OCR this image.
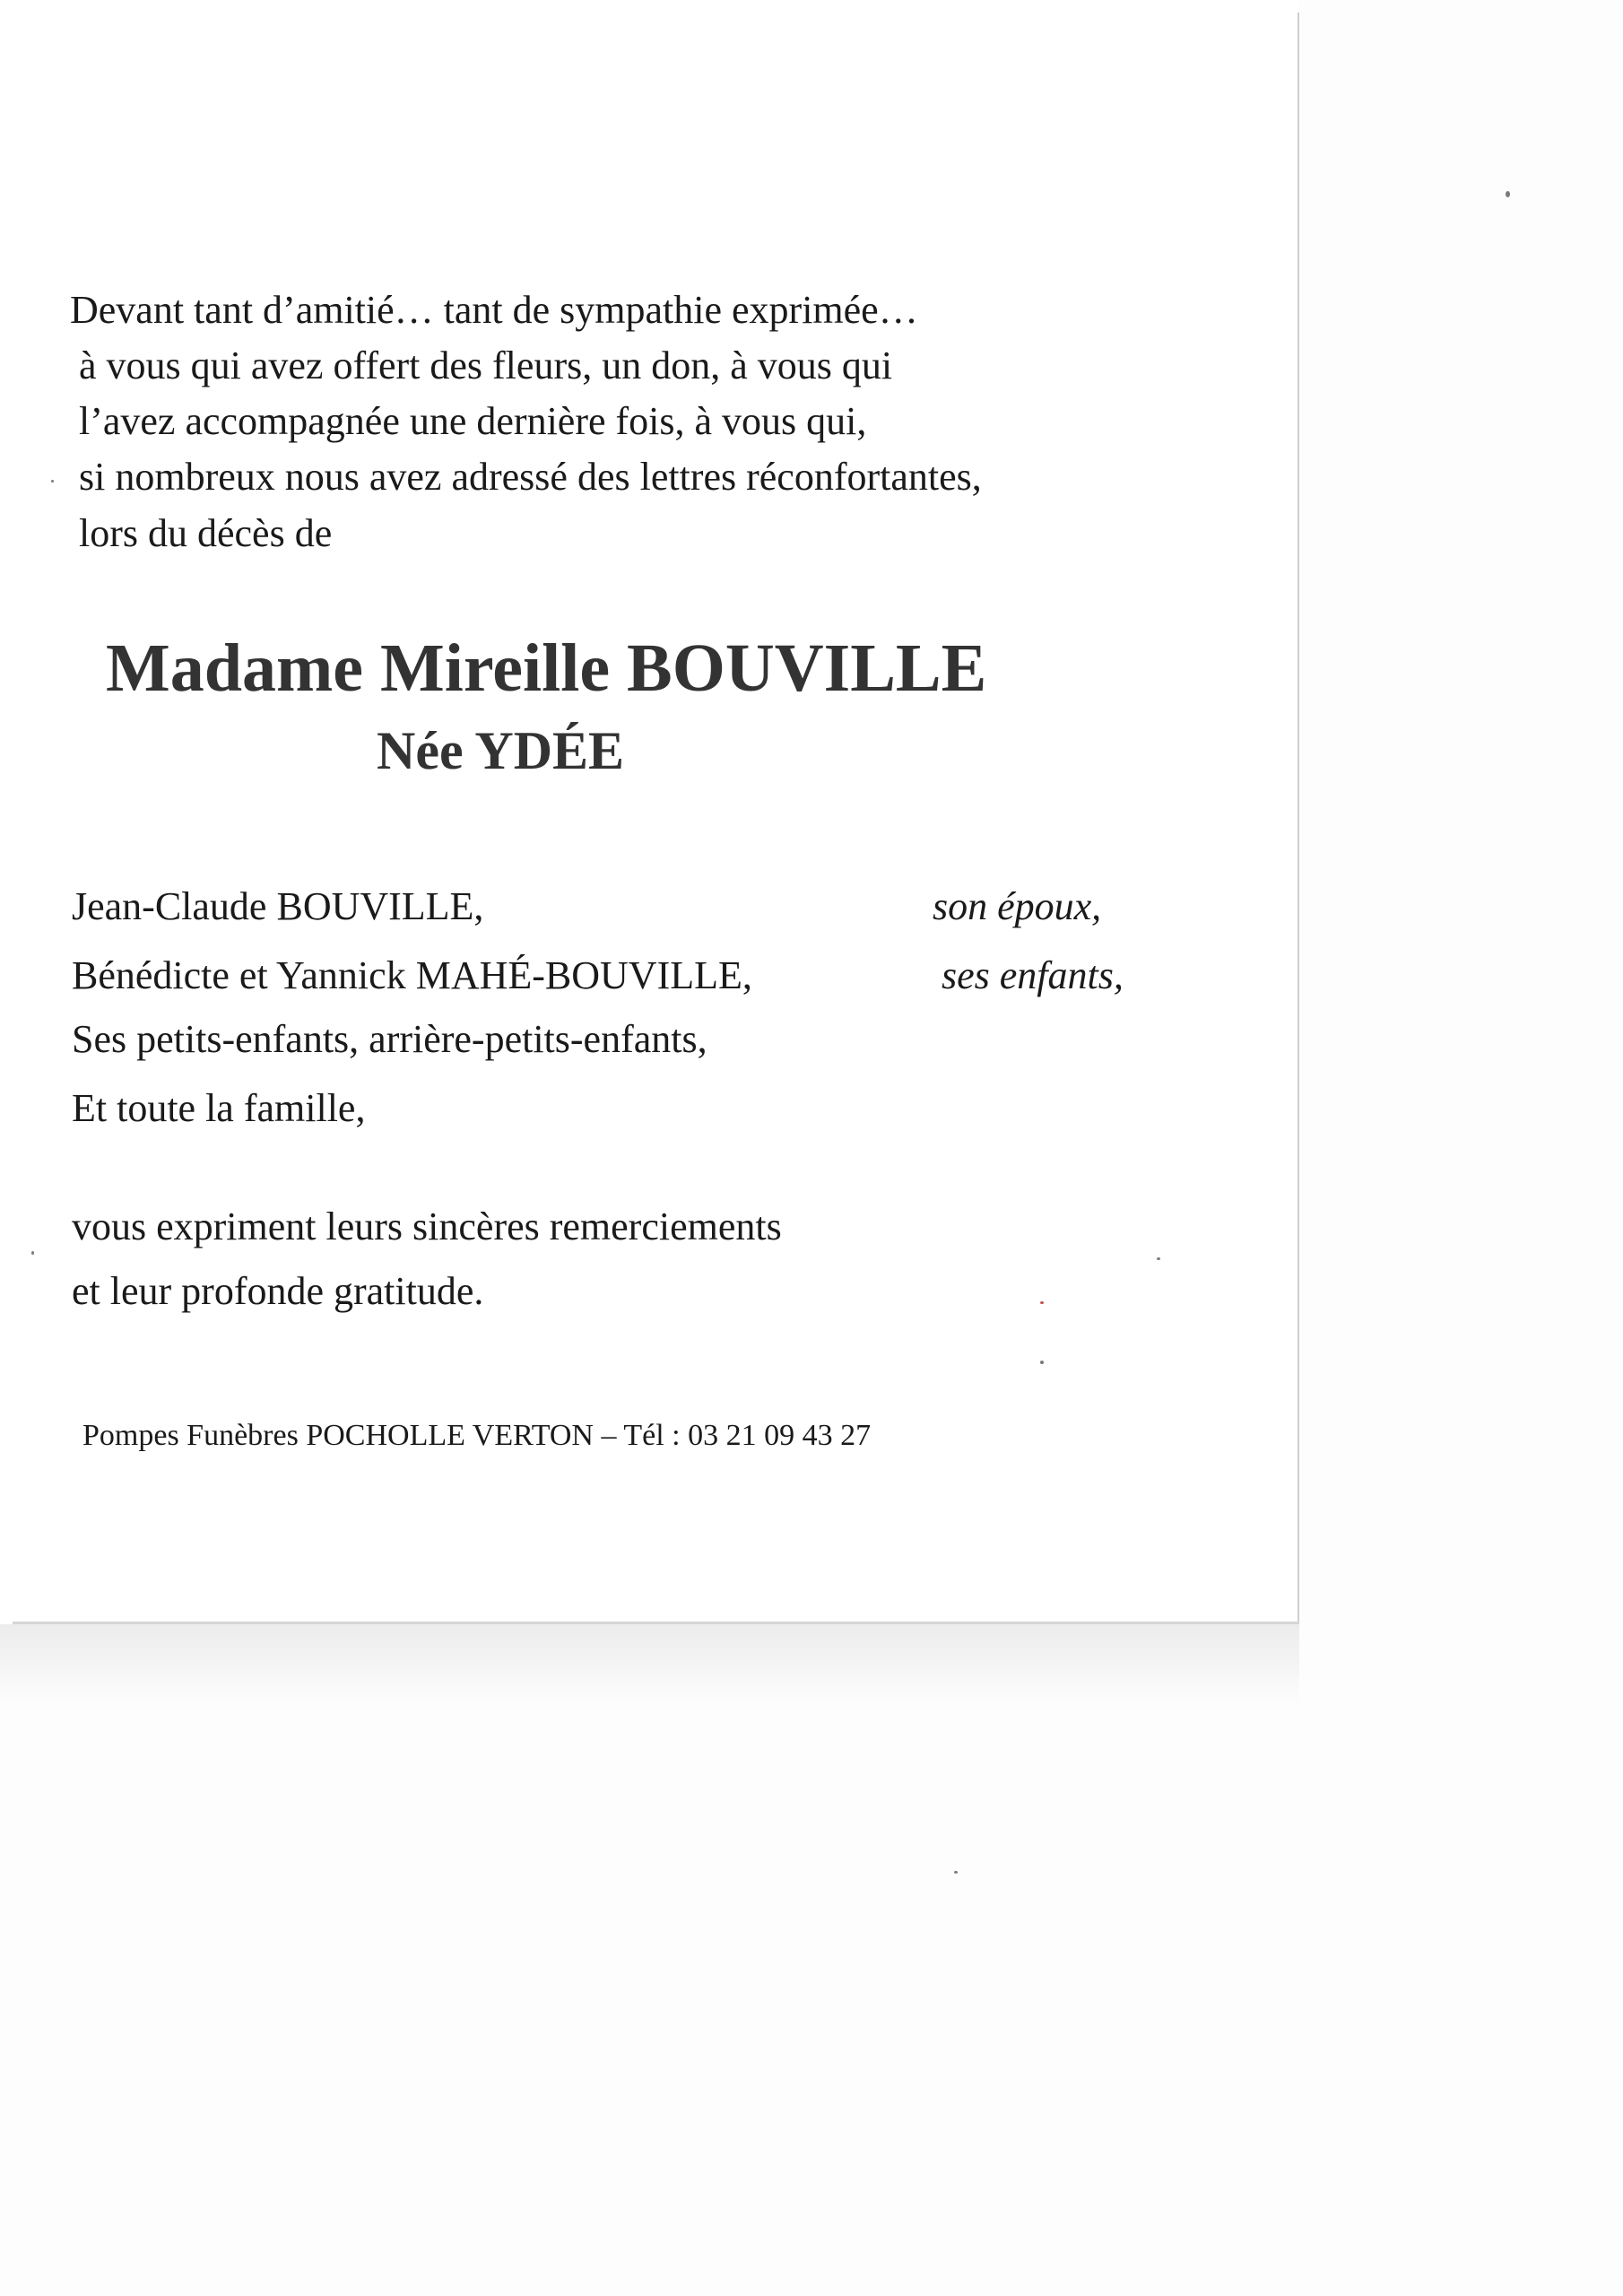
Devant tant d’amitié… tant de sympathie exprimée…

à vous qui avez offert des fleurs, un don, à vous qui

l’avez accompagnée une dernière fois, à vous qui,

si nombreux nous avez adressé des lettres réconfortantes,

lors du décès de

Madame Mireille BOUVILLE
Née YDÉE

Jean-Claude BOUVILLE,	son époux,

Bénédicte et Yannick MAHÉ-BOUVILLE,	ses enfants,

Ses petits-enfants, arrière-petits-enfants,

Et toute la famille,

vous expriment leurs sincères remerciements

et leur profonde gratitude.

Pompes Funèbres POCHOLLE VERTON – Tél : 03 21 09 43 27
